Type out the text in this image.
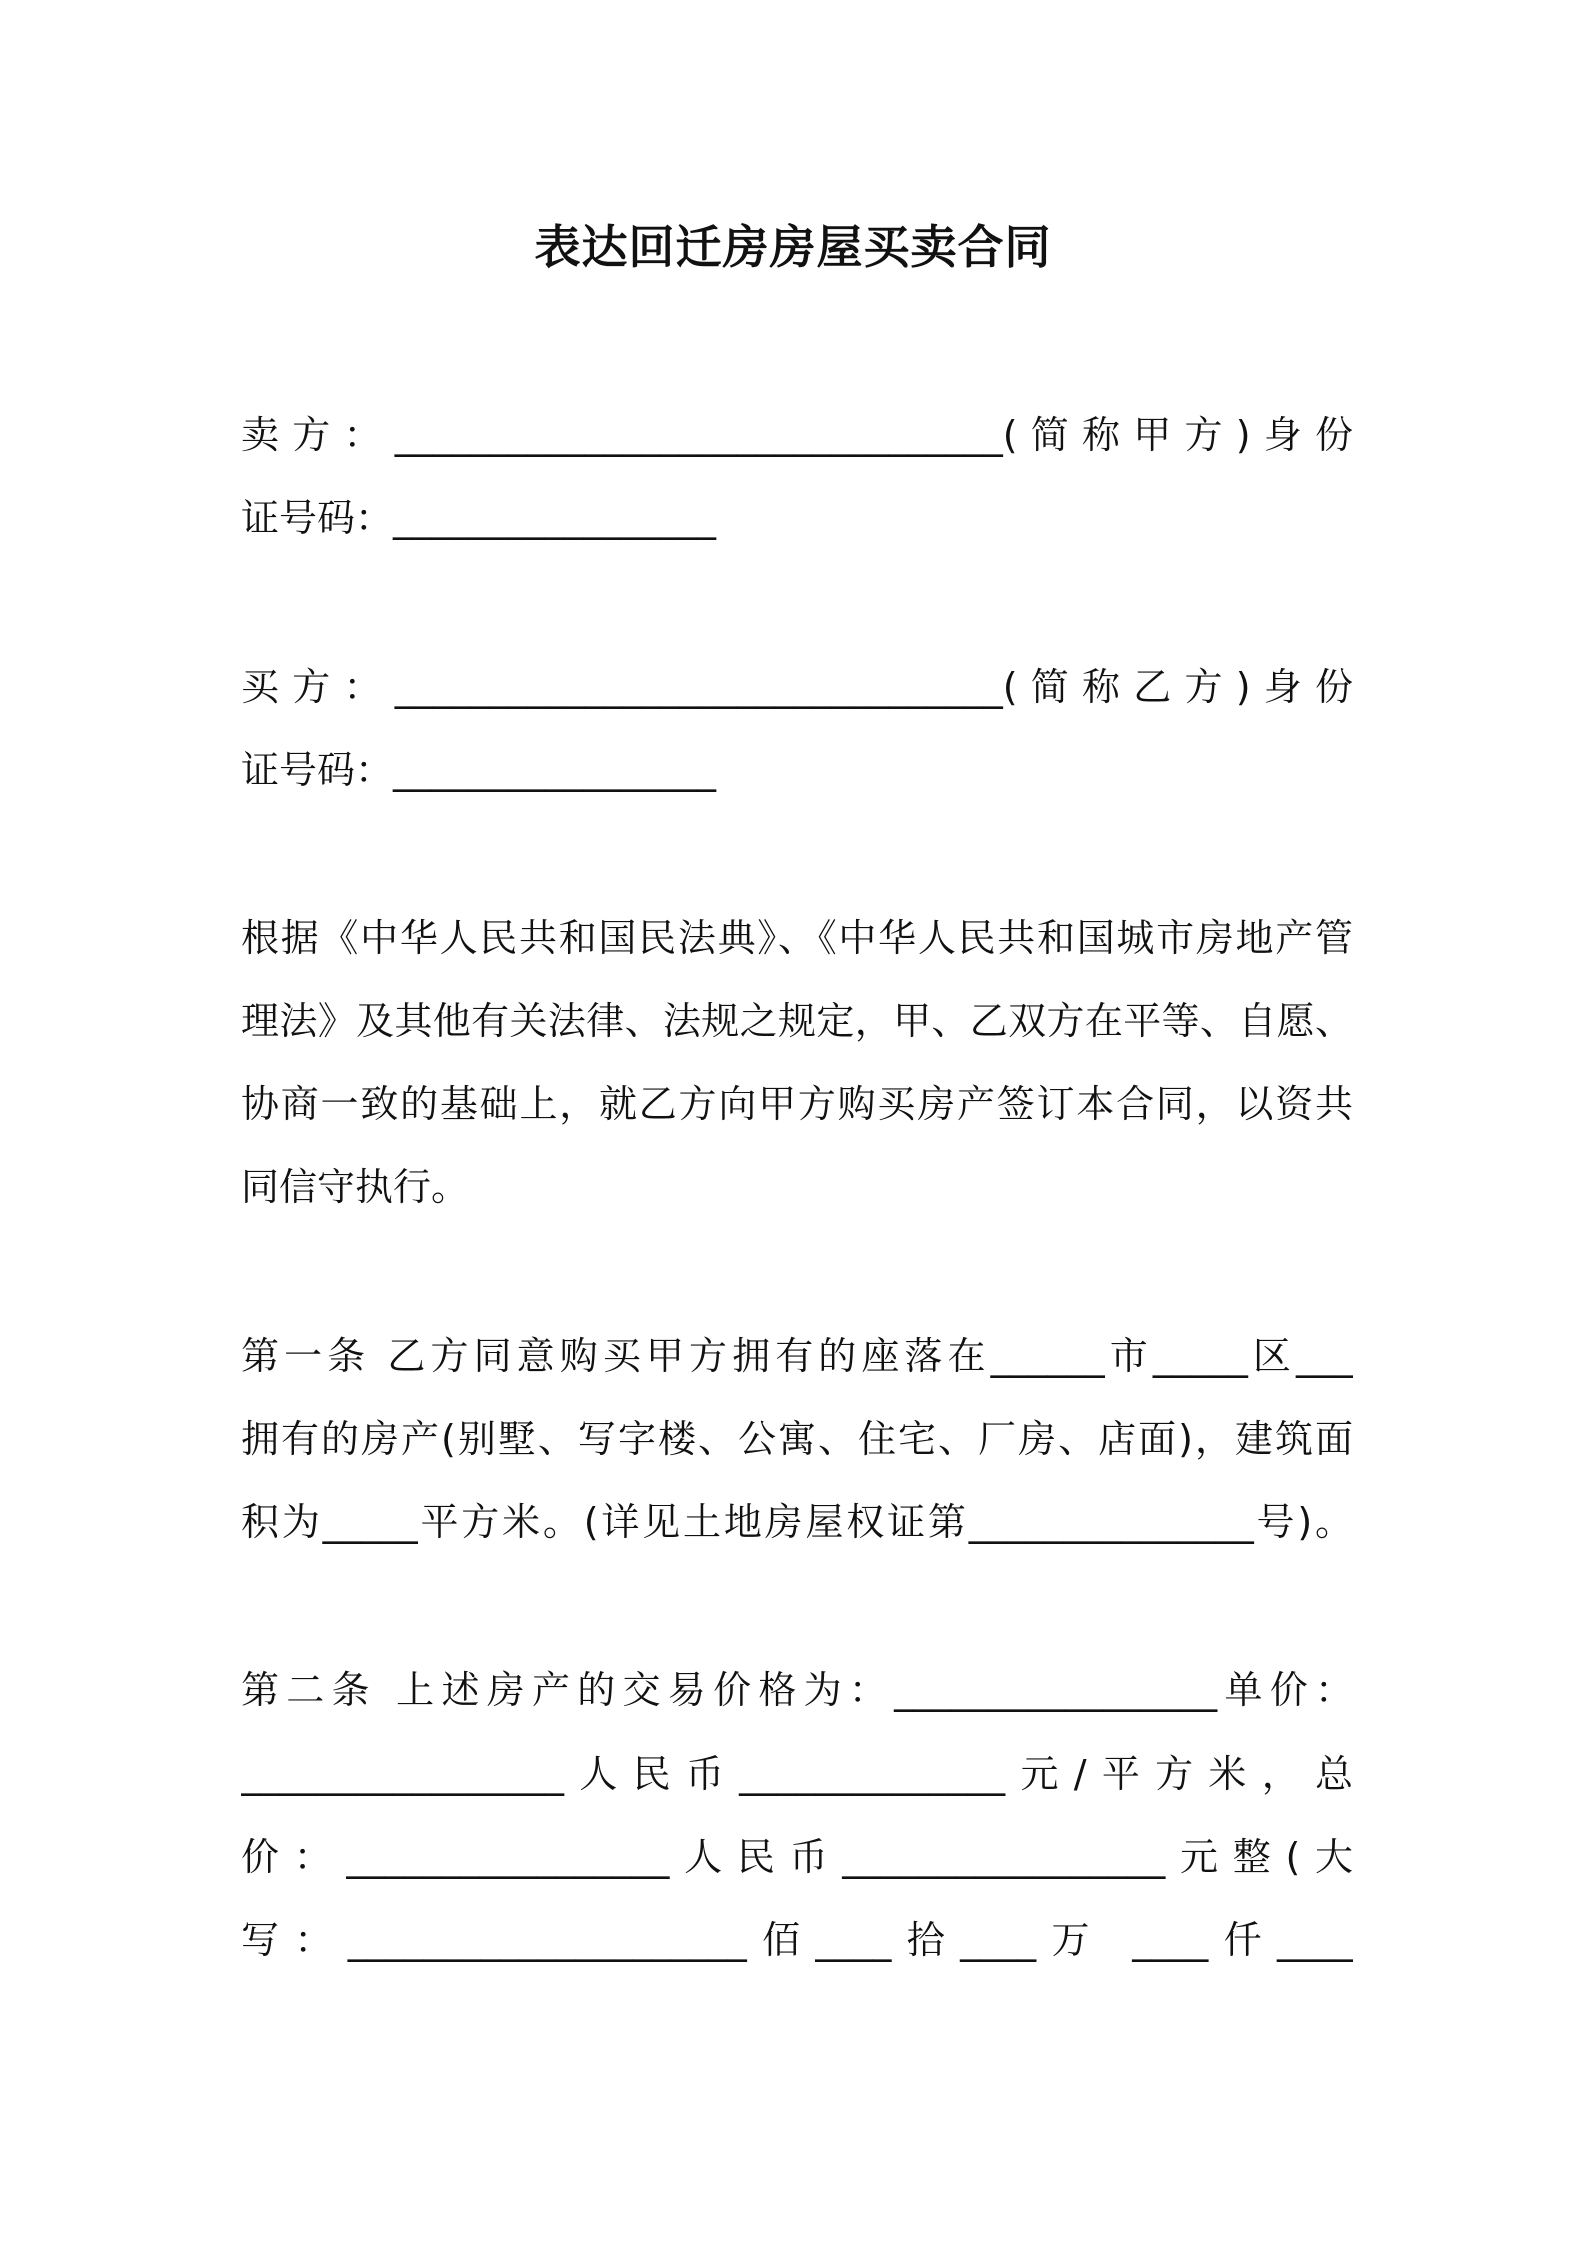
表达回迁房房屋买卖合同
卖方：________________________________(简称甲方)身份
证号码：_________________
买方：________________________________(简称乙方)身份
证号码：_________________
根据《中华人民共和国民法典》、《中华人民共和国城市房地产管
理法》及其他有关法律、法规之规定，甲、乙双方在平等、自愿、
协商一致的基础上，就乙方向甲方购买房产签订本合同，以资共
同信守执行。
第一条 乙方同意购买甲方拥有的座落在______市_____区___
拥有的房产(别墅、写字楼、公寓、住宅、厂房、店面)，建筑面
积为_____平方米。(详见土地房屋权证第_______________号)。
第二条 上述房产的交易价格为：_________________单价：
_________________人民币______________元/平方米，总
价：_________________人民币_________________元整(大
写：_____________________佰____拾____万 ____仟____
